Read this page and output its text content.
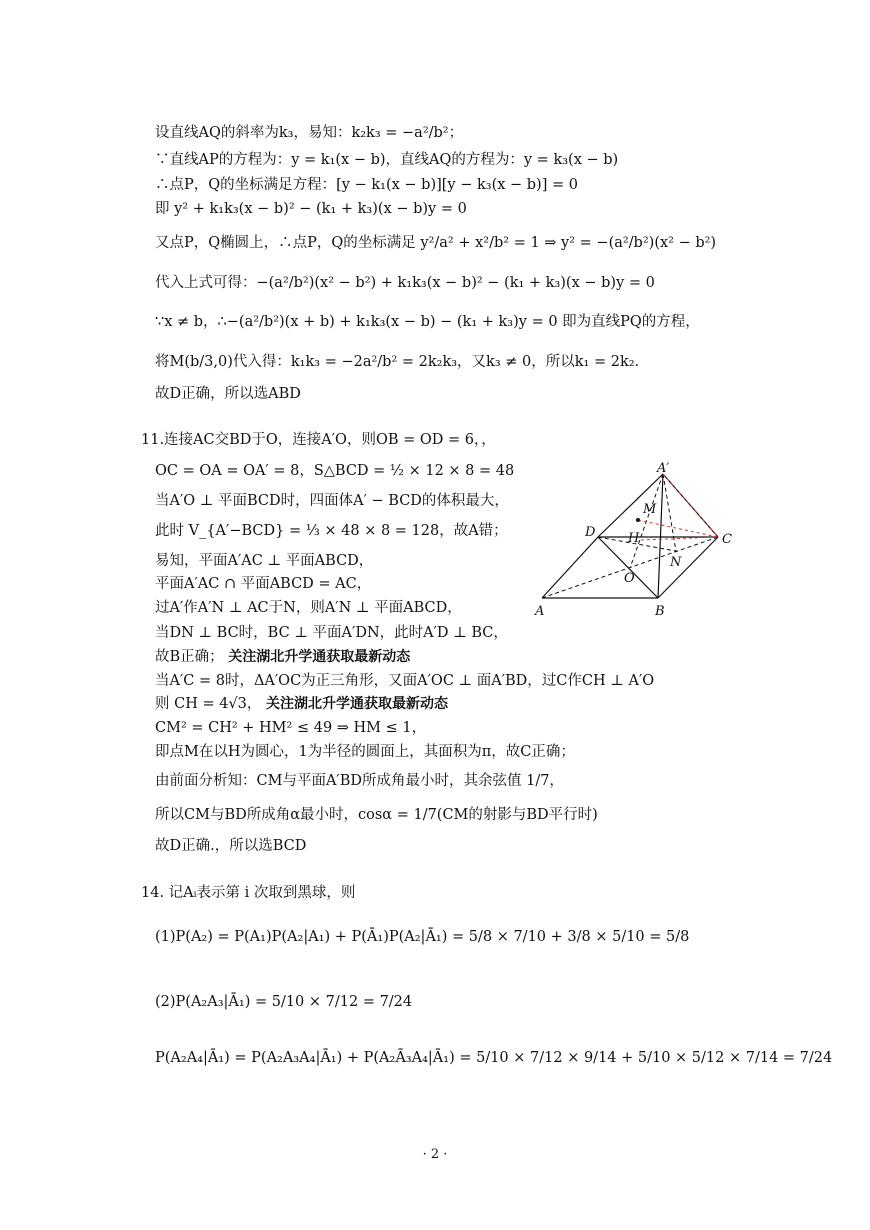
设直线AQ的斜率为k₃，易知：k₂k₃ = −a²/b²；
∵直线AP的方程为：y = k₁(x − b)，直线AQ的方程为：y = k₃(x − b)
∴点P，Q的坐标满足方程：[y − k₁(x − b)][y − k₃(x − b)] = 0
即 y² + k₁k₃(x − b)² − (k₁ + k₃)(x − b)y = 0
又点P，Q椭圆上，∴点P，Q的坐标满足 y²/a² + x²/b² = 1 ⇒ y² = −(a²/b²)(x² − b²)
代入上式可得：−(a²/b²)(x² − b²) + k₁k₃(x − b)² − (k₁ + k₃)(x − b)y = 0
∵x ≠ b，∴−(a²/b²)(x + b) + k₁k₃(x − b) − (k₁ + k₃)y = 0 即为直线PQ的方程，
将M(b/3,0)代入得：k₁k₃ = −2a²/b² = 2k₂k₃，又k₃ ≠ 0，所以k₁ = 2k₂.
故D正确，所以选ABD
11.连接AC交BD于O，连接A′O，则OB = OD = 6，，
OC = OA = OA′ = 8，S△BCD = ½ × 12 × 8 = 48
当A′O ⊥ 平面BCD时，四面体A′ − BCD的体积最大，
此时 V_{A′−BCD} = ⅓ × 48 × 8 = 128，故A错；
易知，平面A′AC ⊥ 平面ABCD，
平面A′AC ∩ 平面ABCD = AC，
过A′作A′N ⊥ AC于N，则A′N ⊥ 平面ABCD，
当DN ⊥ BC时，BC ⊥ 平面A′DN，此时A′D ⊥ BC，
故B正确； 关注湖北升学通获取最新动态
当A′C = 8时，ΔA′OC为正三角形，又面A′OC ⊥ 面A′BD，过C作CH ⊥ A′O
则 CH = 4√3， 关注湖北升学通获取最新动态
CM² = CH² + HM² ≤ 49 ⇒ HM ≤ 1，
即点M在以H为圆心，1为半径的圆面上，其面积为π，故C正确；
由前面分析知：CM与平面A′BD所成角最小时，其余弦值 1/7，
所以CM与BD所成角α最小时，cosα = 1/7(CM的射影与BD平行时)
故D正确.，所以选BCD
A′
M
D	H	C
N
O
A	B
14. 记Aᵢ表示第 i 次取到黑球，则
(1)P(A₂) = P(A₁)P(A₂|A₁) + P(Ā₁)P(A₂|Ā₁) = 5/8 × 7/10 + 3/8 × 5/10 = 5/8
(2)P(A₂A₃|Ā₁) = 5/10 × 7/12 = 7/24
P(A₂A₄|Ā₁) = P(A₂A₃A₄|Ā₁) + P(A₂Ā₃A₄|Ā₁) = 5/10 × 7/12 × 9/14 + 5/10 × 5/12 × 7/14 = 7/24
· 2 ·
